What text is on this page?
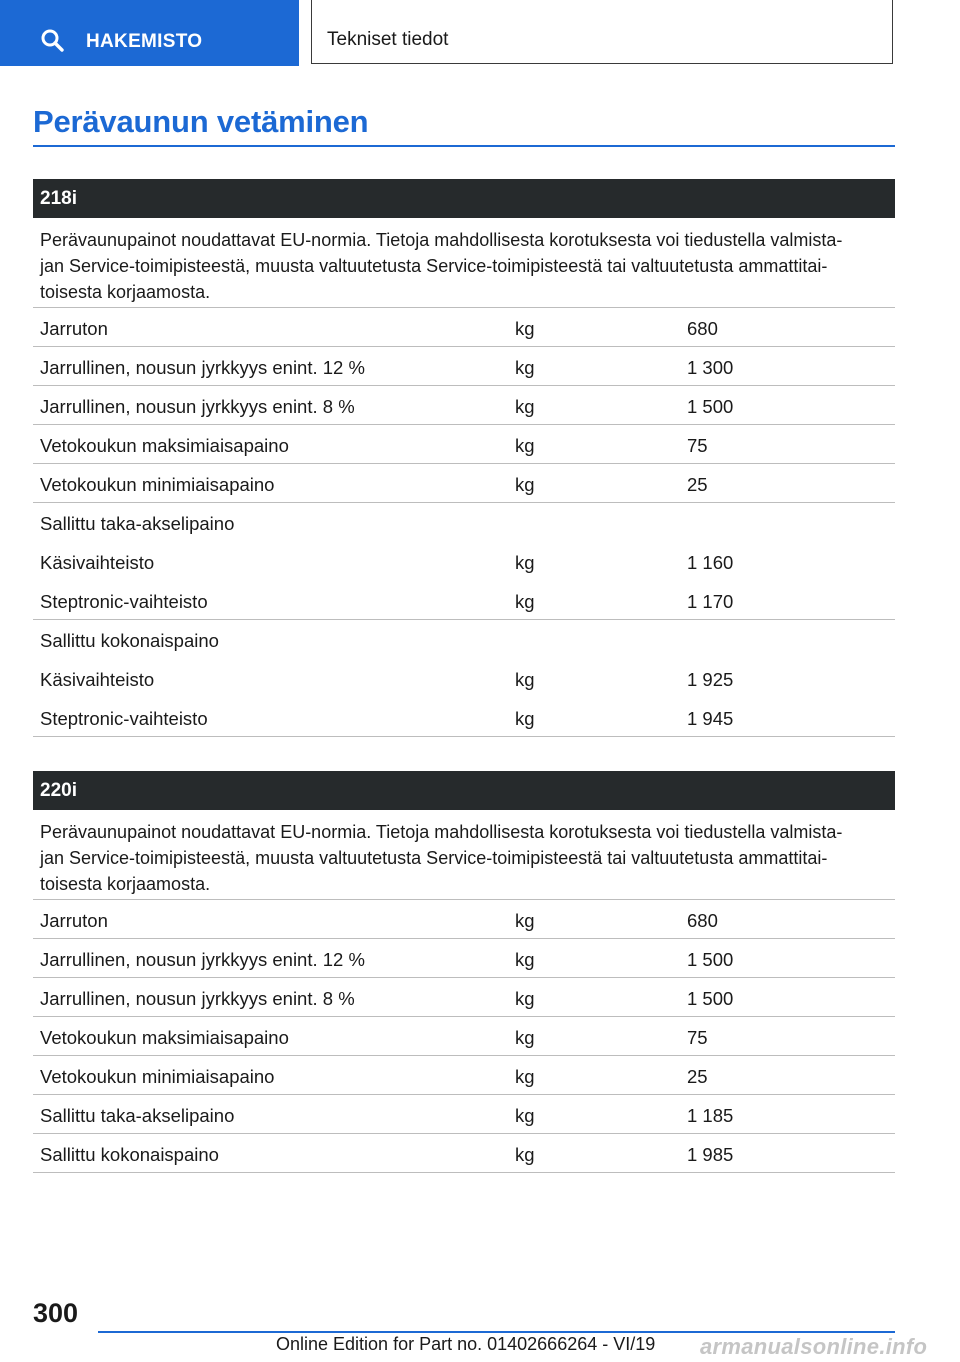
HAKEMISTO	Tekniset tiedot
Perävaunun vetäminen
218i
Perävaunupainot noudattavat EU-normia. Tietoja mahdollisesta korotuksesta voi tiedustella valmista-
jan Service-toimipisteestä, muusta valtuutetusta Service-toimipisteestä tai valtuutetusta ammattitai-
toisesta korjaamosta.
Jarruton	kg	680
Jarrullinen, nousun jyrkkyys enint. 12 %	kg	1 300
Jarrullinen, nousun jyrkkyys enint. 8 %	kg	1 500
Vetokoukun maksimiaisapaino	kg	75
Vetokoukun minimiaisapaino	kg	25
Sallittu taka-akselipaino
Käsivaihteisto	kg	1 160
Steptronic-vaihteisto	kg	1 170
Sallittu kokonaispaino
Käsivaihteisto	kg	1 925
Steptronic-vaihteisto	kg	1 945
220i
Perävaunupainot noudattavat EU-normia. Tietoja mahdollisesta korotuksesta voi tiedustella valmista-
jan Service-toimipisteestä, muusta valtuutetusta Service-toimipisteestä tai valtuutetusta ammattitai-
toisesta korjaamosta.
Jarruton	kg	680
Jarrullinen, nousun jyrkkyys enint. 12 %	kg	1 500
Jarrullinen, nousun jyrkkyys enint. 8 %	kg	1 500
Vetokoukun maksimiaisapaino	kg	75
Vetokoukun minimiaisapaino	kg	25
Sallittu taka-akselipaino	kg	1 185
Sallittu kokonaispaino	kg	1 985
300
Online Edition for Part no. 01402666264 - VI/19 armanualsonline.info
